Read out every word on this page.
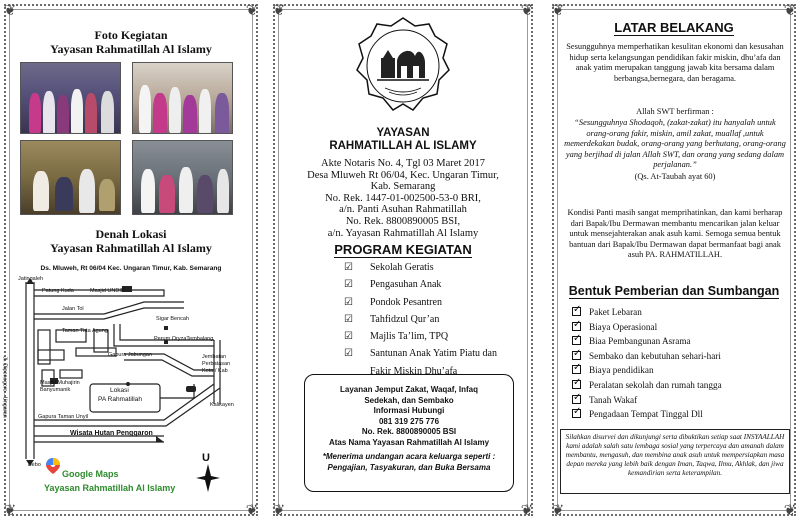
❦	❦
❦	❦
Foto Kegiatan
Yayasan Rahmatillah Al Islamy
Denah Lokasi
Yayasan Rahmatillah Al Islamy
Ds. Mluweh, Rt 06/04 Kec. Ungaran Timur, Kab. Semarang
Jatingaleh
Patung Kuda	Masjid UNDIP
Jalan Tol
Sigar Bencah
Taman Tirta Agung
Perum OryzaTembalang
Gapura Jabungan
Masjid Muhajirin
Banyumanik	Lokasi
PA Rahmatillah
Jembatan
Perbatasan
Kota / Kab
Gapura Taman Unyil
Kalikayen
Wisata Hutan Penggaron
Bebo
Jl. Diponegoro - Ungaran
Google Maps
Yayasan Rahmatillah Al Islamy
U
❦	❦
❦	❦
YAYASAN
RAHMATILLAH AL ISLAMY
Akte Notaris No. 4, Tgl 03 Maret 2017
Desa Mluweh Rt 06/04, Kec. Ungaran Timur,
Kab. Semarang
No. Rek. 1447-01-002500-53-0 BRI,
a/n. Panti Asuhan Rahmatillah
No. Rek. 8800890005 BSI,
a/n. Yayasan Rahmatillah Al Islamy
PROGRAM KEGIATAN
☑ Sekolah Geratis
☑ Pengasuhan Anak
☑ Pondok Pesantren
☑ Tahfidzul Qur’an
☑ Majlis Ta’lim, TPQ
☑ Santunan Anak Yatim Piatu dan
Fakir Miskin Dhu’afa
Layanan Jemput Zakat, Waqaf, Infaq
Sedekah, dan Sembako
Informasi Hubungi
081 319 275 776
No. Rek. 8800890005 BSI
Atas Nama Yayasan Rahmatillah Al Islamy
*Menerima undangan acara keluarga seperti :
Pengajian, Tasyakuran, dan Buka Bersama
❦	❦
❦	❦
LATAR BELAKANG
Sesungguhnya memperhatikan kesulitan ekonomi dan kesusahan hidup serta kelangsungan pendidikan fakir miskin, dhu’afa dan anak yatim merupakan tanggung jawab kita bersama dalam berbangsa,bernegara, dan beragama.
Allah SWT berfirman :
“Sesungguhnya Shodaqoh, (zakat-zakat) itu hanyalah untuk orang-orang fakir, miskin, amil zakat, muallaf ,untuk memerdekakan budak, orang-orang yang berhutang, orang-orang yang berjihad di jalan Allah SWT, dan orang yang sedang dalam perjalanan.”
(Qs. At-Taubah ayat 60)
Kondisi Panti masih sangat memprihatinkan, dan kami berharap dari Bapak/Ibu Dermawan membantu mencarikan jalan keluar untuk mensejahterakan anak asuh kami. Semoga semua bentuk bantuan dari Bapak/Ibu Dermawan dapat bermanfaat bagi anak asuh PA. RAHMATILLAH.
Bentuk Pemberian dan Sumbangan
✓
Paket Lebaran
✓
Biaya Operasional
✓
Biaa Pembangunan Asrama
✓
Sembako dan kebutuhan sehari-hari
✓
Biaya pendidikan
✓
Peralatan sekolah dan rumah tangga
✓
Tanah Wakaf
✓
Pengadaan Tempat Tinggal Dll
Silahkan disurvei dan dikunjungi serta dibuktikan setiap saat INSYAALLAH kami adalah salah satu lembaga sosial yang terpercaya dan amanah dalam membantu, mengasuh, dan membina anak asuh untuk mempersiapkan masa depan mereka yang lebih baik dengan Iman, Taqwa, Ilmu, Akhlak, dan jiwa kemandirian serta keterampilan.
